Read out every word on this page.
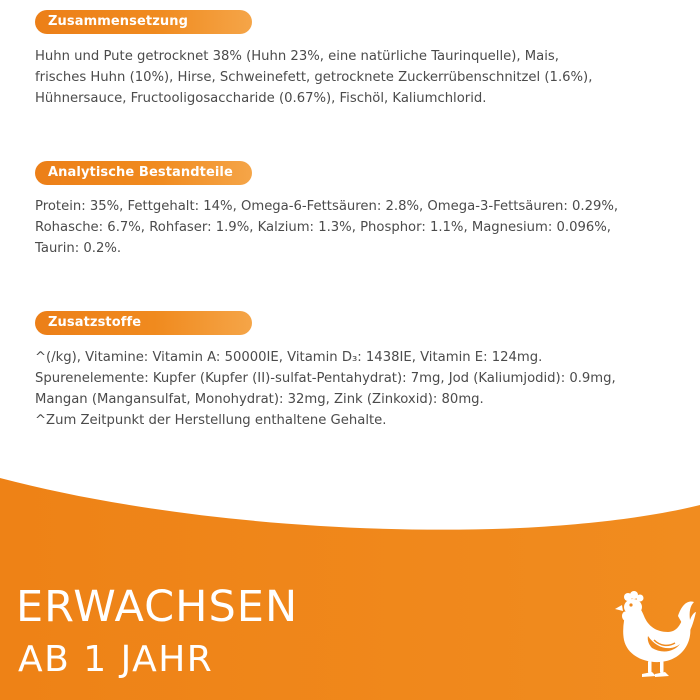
Zusammensetzung
Huhn und Pute getrocknet 38% (Huhn 23%, eine natürliche Taurinquelle), Mais,
frisches Huhn (10%), Hirse, Schweinefett, getrocknete Zuckerrübenschnitzel (1.6%),
Hühnersauce, Fructooligosaccharide (0.67%), Fischöl, Kaliumchlorid.
Analytische Bestandteile
Protein: 35%, Fettgehalt: 14%, Omega-6-Fettsäuren: 2.8%, Omega-3-Fettsäuren: 0.29%,
Rohasche: 6.7%, Rohfaser: 1.9%, Kalzium: 1.3%, Phosphor: 1.1%, Magnesium: 0.096%,
Taurin: 0.2%.
Zusatzstoffe
^(/kg), Vitamine: Vitamin A: 50000IE, Vitamin D₃: 1438IE, Vitamin E: 124mg.
Spurenelemente: Kupfer (Kupfer (II)-sulfat-Pentahydrat): 7mg, Jod (Kaliumjodid): 0.9mg,
Mangan (Mangansulfat, Monohydrat): 32mg, Zink (Zinkoxid): 80mg.
^Zum Zeitpunkt der Herstellung enthaltene Gehalte.
ERWACHSEN
AB 1 JAHR
